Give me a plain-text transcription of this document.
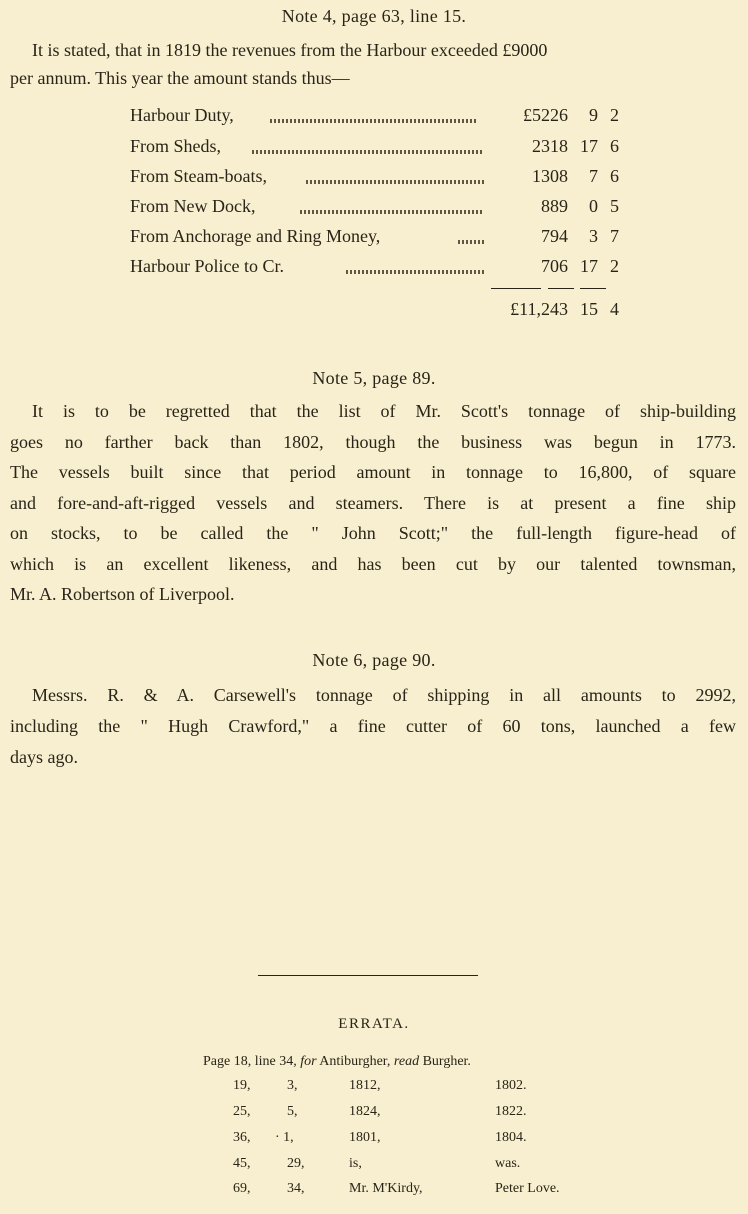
Note 4, page 63, line 15.
It is stated, that in 1819 the revenues from the Harbour exceeded £9000
per annum. This year the amount stands thus—
Harbour Duty,	£5226	9 2
From Sheds,	2318 17 6
From Steam-boats,	1308	7 6
From New Dock,	889	0 5
From Anchorage and Ring Money,	794	3 7
Harbour Police to Cr.	706 17 2
£11,243 15 4
Note 5, page 89.
It is to be regretted that the list of Mr. Scott's tonnage of ship-building
goes no farther back than 1802, though the business was begun in 1773.
The vessels built since that period amount in tonnage to 16,800, of square
and fore-and-aft-rigged vessels and steamers. There is at present a fine ship
on stocks, to be called the " John Scott;" the full-length figure-head of
which is an excellent likeness, and has been cut by our talented townsman,
Mr. A. Robertson of Liverpool.
Note 6, page 90.
Messrs. R. & A. Carsewell's tonnage of shipping in all amounts to 2992,
including the " Hugh Crawford," a fine cutter of 60 tons, launched a few
days ago.
ERRATA.
Page 18, line 34, for Antiburgher, read Burgher.
19,	3,	1812,	1802.
25,	5,	1824,	1822.
36, · 1,	1801,	1804.
45,	29,	is,	was.
69,	34,	Mr. M'Kirdy,	Peter Love.
